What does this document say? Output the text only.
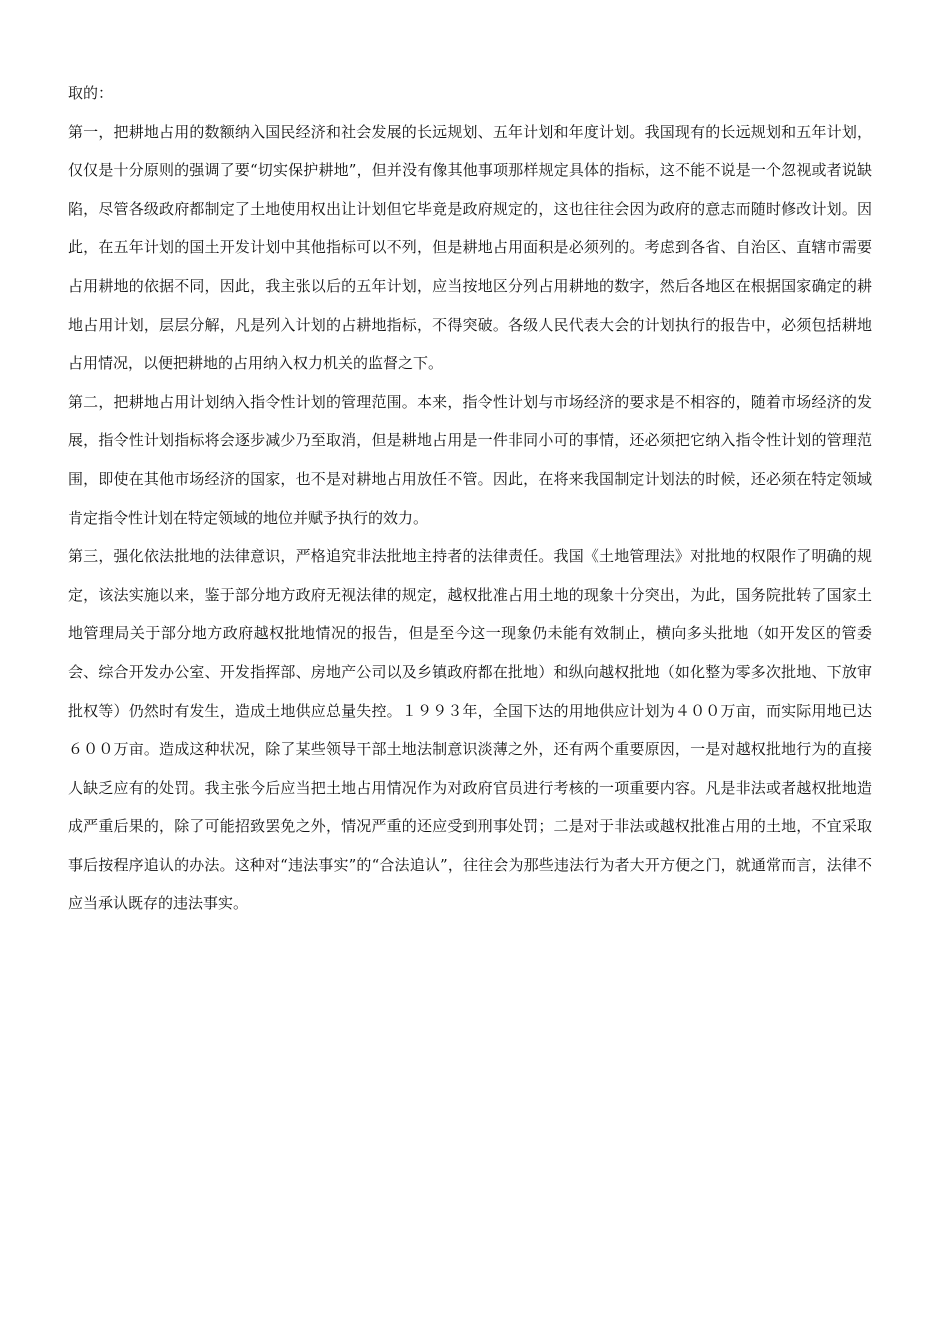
取的：

第一，把耕地占用的数额纳入国民经济和社会发展的长远规划、五年计划和年度计划。我国现有的长远规划和五年计划，仅仅是十分原则的强调了要“切实保护耕地”，但并没有像其他事项那样规定具体的指标，这不能不说是一个忽视或者说缺陷，尽管各级政府都制定了土地使用权出让计划但它毕竟是政府规定的，这也往往会因为政府的意志而随时修改计划。因此，在五年计划的国土开发计划中其他指标可以不列，但是耕地占用面积是必须列的。考虑到各省、自治区、直辖市需要占用耕地的依据不同，因此，我主张以后的五年计划，应当按地区分列占用耕地的数字，然后各地区在根据国家确定的耕地占用计划，层层分解，凡是列入计划的占耕地指标，不得突破。各级人民代表大会的计划执行的报告中，必须包括耕地占用情况，以便把耕地的占用纳入权力机关的监督之下。

第二，把耕地占用计划纳入指令性计划的管理范围。本来，指令性计划与市场经济的要求是不相容的，随着市场经济的发展，指令性计划指标将会逐步减少乃至取消，但是耕地占用是一件非同小可的事情，还必须把它纳入指令性计划的管理范围，即使在其他市场经济的国家，也不是对耕地占用放任不管。因此，在将来我国制定计划法的时候，还必须在特定领域肯定指令性计划在特定领域的地位并赋予执行的效力。

第三，强化依法批地的法律意识，严格追究非法批地主持者的法律责任。我国《土地管理法》对批地的权限作了明确的规定，该法实施以来，鉴于部分地方政府无视法律的规定，越权批准占用土地的现象十分突出，为此，国务院批转了国家土地管理局关于部分地方政府越权批地情况的报告，但是至今这一现象仍未能有效制止，横向多头批地（如开发区的管委会、综合开发办公室、开发指挥部、房地产公司以及乡镇政府都在批地）和纵向越权批地（如化整为零多次批地、下放审批权等）仍然时有发生，造成土地供应总量失控。１９９３年，全国下达的用地供应计划为４００万亩，而实际用地已达６００万亩。造成这种状况，除了某些领导干部土地法制意识淡薄之外，还有两个重要原因，一是对越权批地行为的直接人缺乏应有的处罚。我主张今后应当把土地占用情况作为对政府官员进行考核的一项重要内容。凡是非法或者越权批地造成严重后果的，除了可能招致罢免之外，情况严重的还应受到刑事处罚；二是对于非法或越权批准占用的土地，不宜采取事后按程序追认的办法。这种对“违法事实”的“合法追认”，往往会为那些违法行为者大开方便之门，就通常而言，法律不应当承认既存的违法事实。
